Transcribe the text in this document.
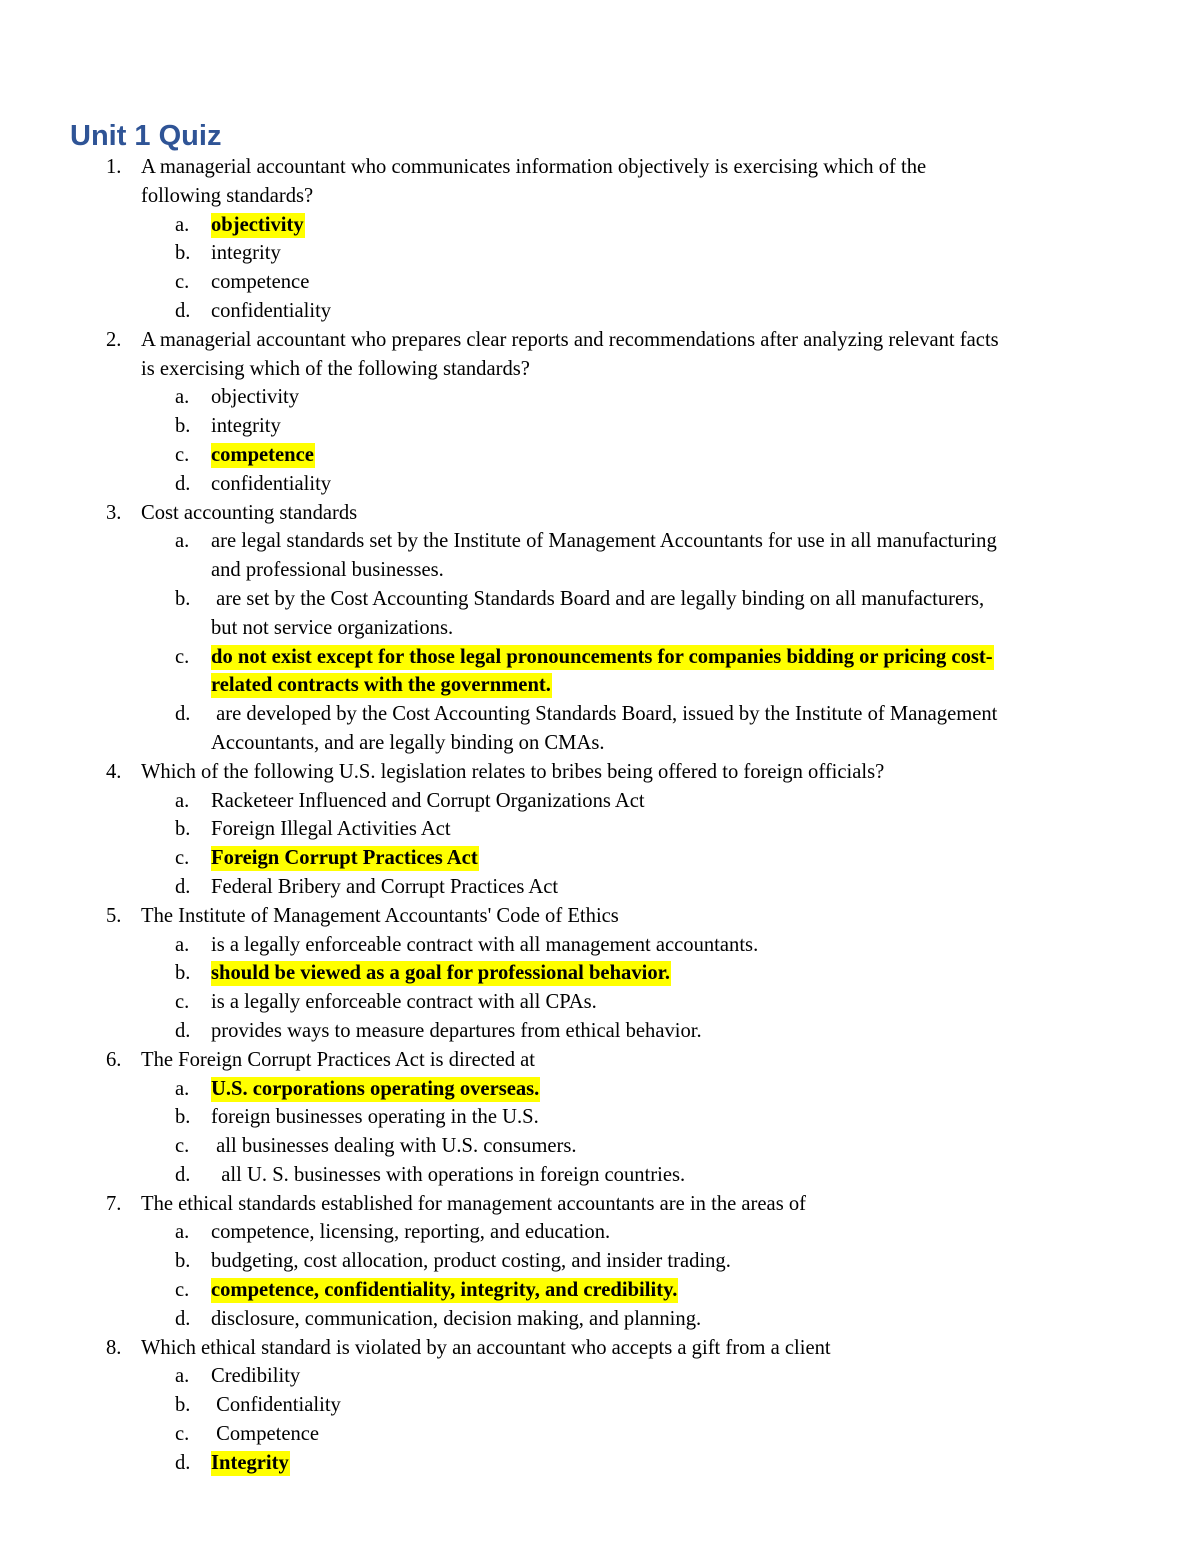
Unit 1 Quiz
1. A managerial accountant who communicates information objectively is exercising which of the
following standards?
a. objectivity
b. integrity
c. competence
d. confidentiality
2. A managerial accountant who prepares clear reports and recommendations after analyzing relevant facts
is exercising which of the following standards?
a. objectivity
b. integrity
c. competence
d. confidentiality
3. Cost accounting standards
a. are legal standards set by the Institute of Management Accountants for use in all manufacturing
and professional businesses.
b. are set by the Cost Accounting Standards Board and are legally binding on all manufacturers,
but not service organizations.
c. do not exist except for those legal pronouncements for companies bidding or pricing cost-
related contracts with the government.
d. are developed by the Cost Accounting Standards Board, issued by the Institute of Management
Accountants, and are legally binding on CMAs.
4. Which of the following U.S. legislation relates to bribes being offered to foreign officials?
a. Racketeer Influenced and Corrupt Organizations Act
b. Foreign Illegal Activities Act
c. Foreign Corrupt Practices Act
d. Federal Bribery and Corrupt Practices Act
5. The Institute of Management Accountants' Code of Ethics
a. is a legally enforceable contract with all management accountants.
b. should be viewed as a goal for professional behavior.
c. is a legally enforceable contract with all CPAs.
d. provides ways to measure departures from ethical behavior.
6. The Foreign Corrupt Practices Act is directed at
a. U.S. corporations operating overseas.
b. foreign businesses operating in the U.S.
c. all businesses dealing with U.S. consumers.
d. all U. S. businesses with operations in foreign countries.
7. The ethical standards established for management accountants are in the areas of
a. competence, licensing, reporting, and education.
b. budgeting, cost allocation, product costing, and insider trading.
c. competence, confidentiality, integrity, and credibility.
d. disclosure, communication, decision making, and planning.
8. Which ethical standard is violated by an accountant who accepts a gift from a client
a. Credibility
b. Confidentiality
c. Competence
d. Integrity
